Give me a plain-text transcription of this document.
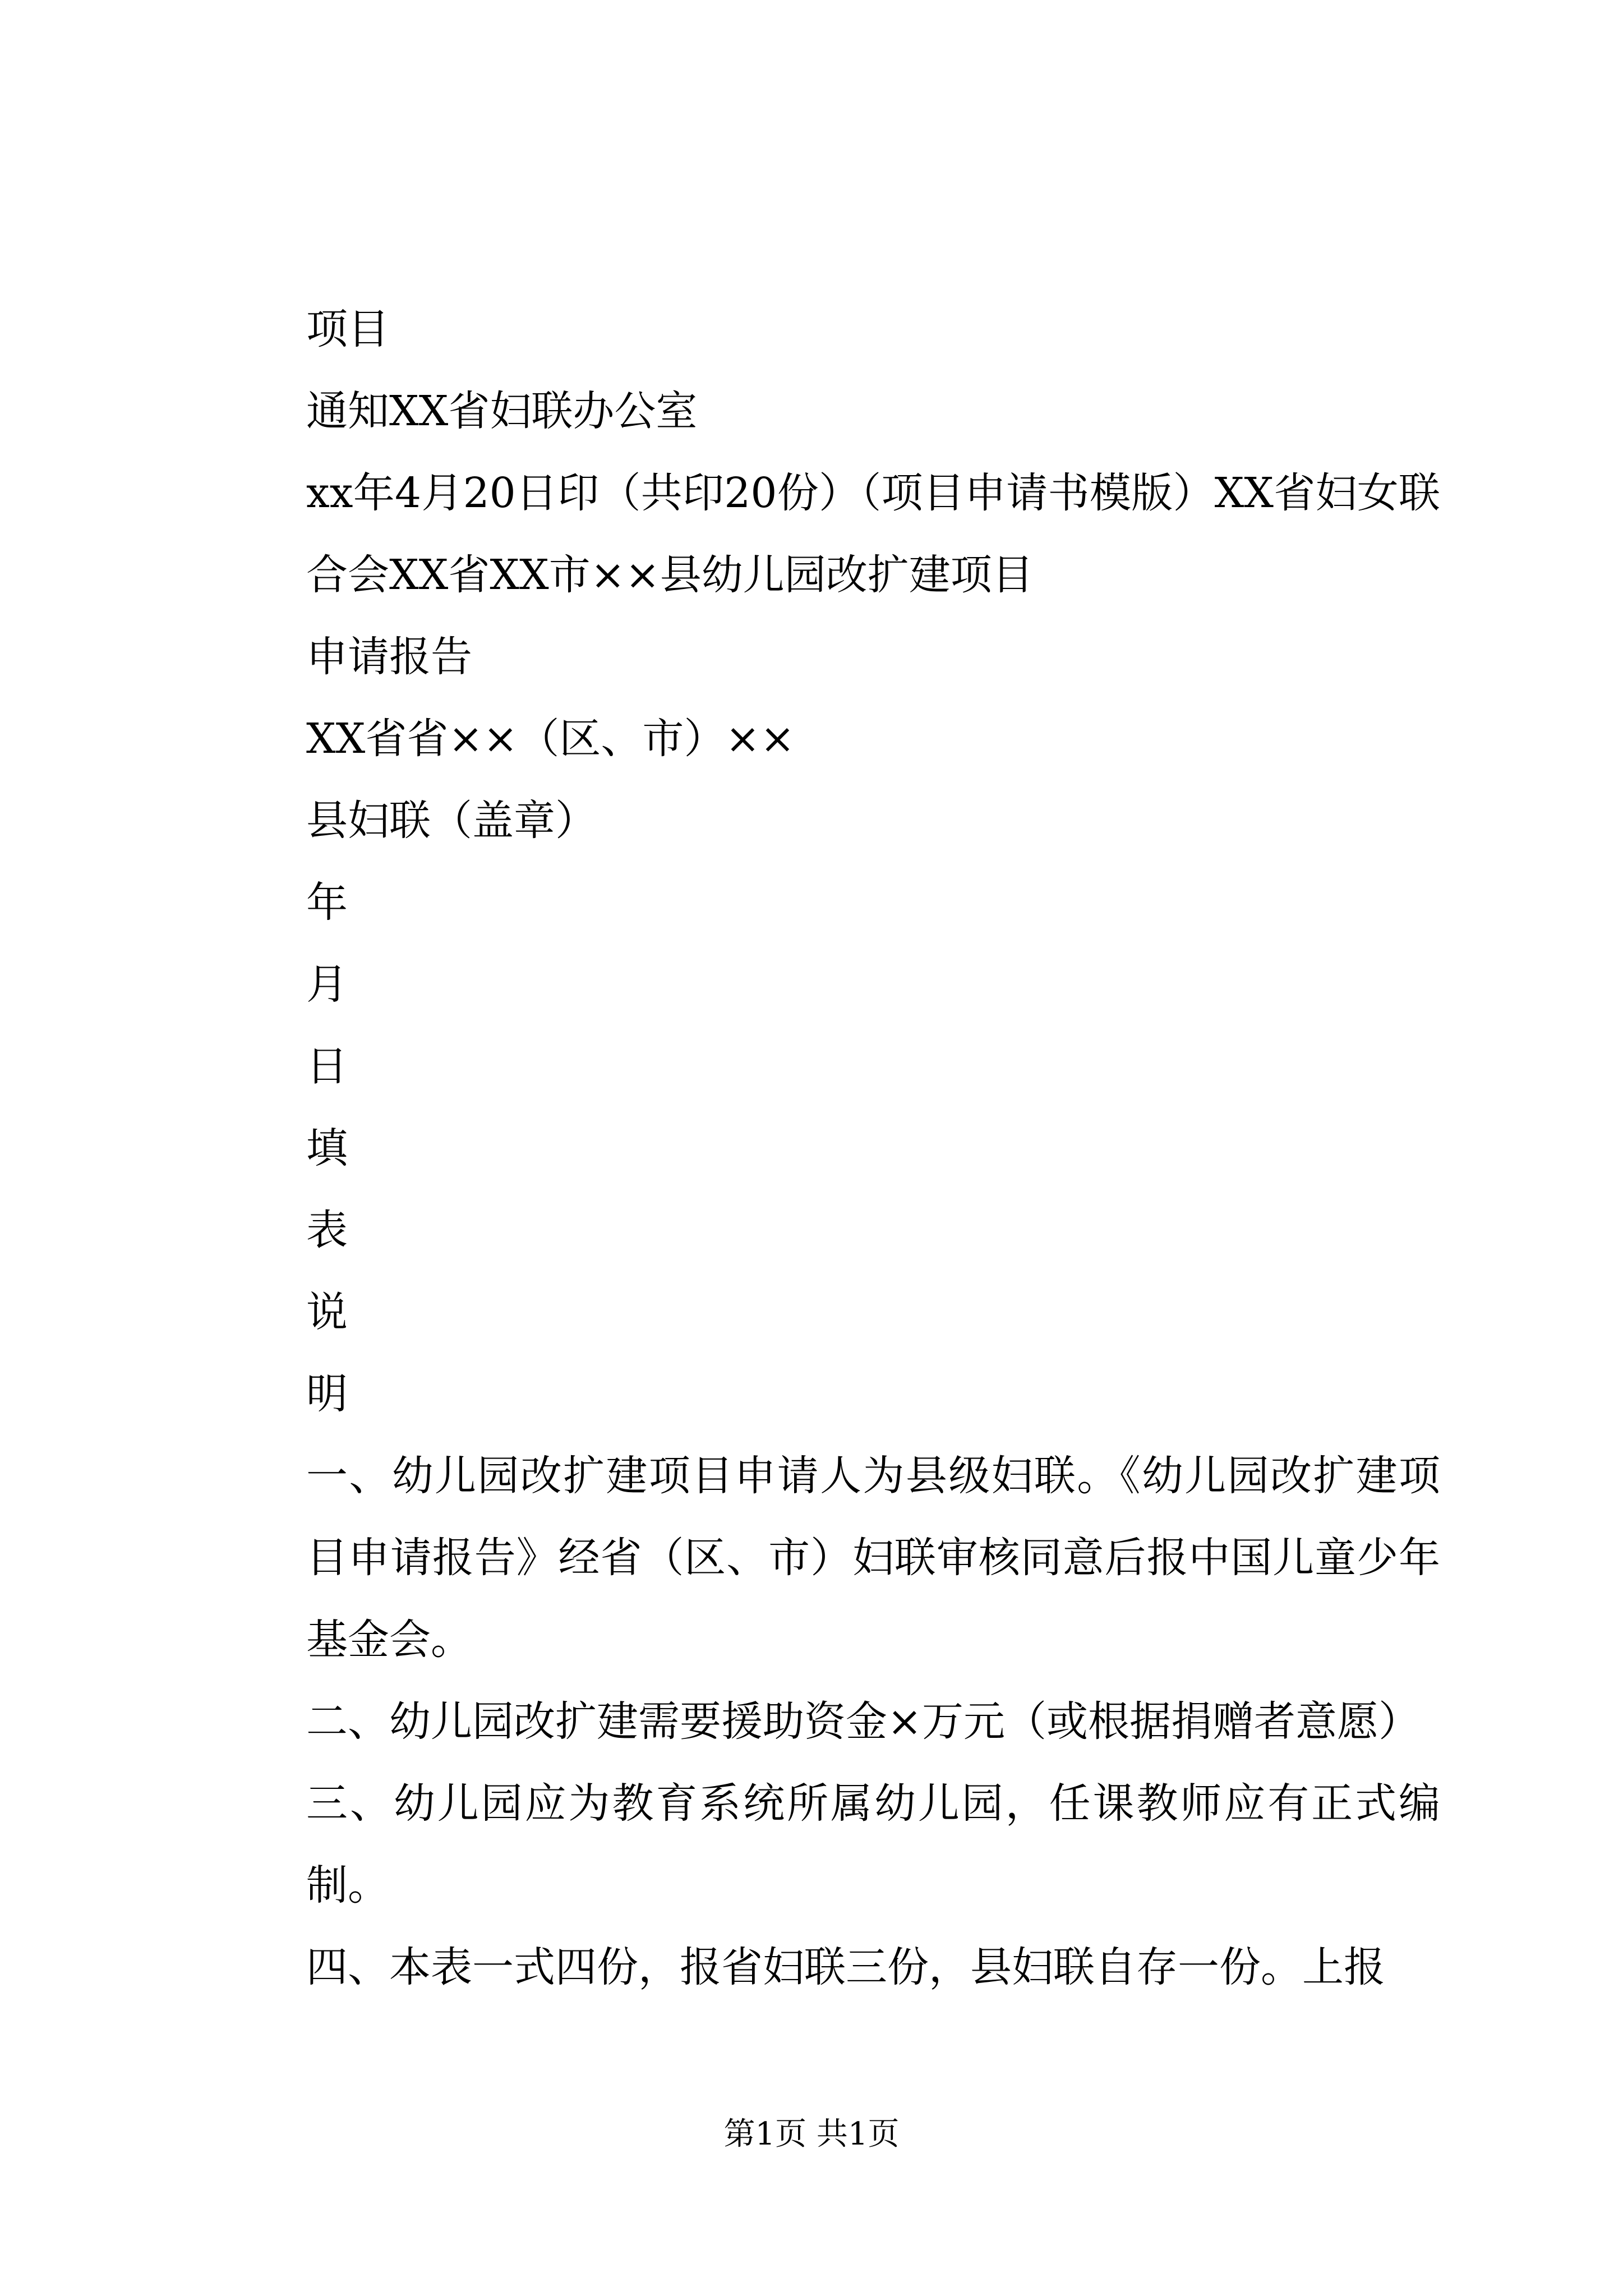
项目

通知XX省妇联办公室

xx年4月20日印（共印20份）（项目申请书模版）XX省妇女联合会XX省XX市××县幼儿园改扩建项目

申请报告

XX省省××（区、市）××

县妇联（盖章）

年

月

日

填

表

说

明

一、幼儿园改扩建项目申请人为县级妇联。《幼儿园改扩建项目申请报告》经省（区、市）妇联审核同意后报中国儿童少年基金会。

二、幼儿园改扩建需要援助资金×万元（或根据捐赠者意愿）

三、幼儿园应为教育系统所属幼儿园，任课教师应有正式编制。

四、本表一式四份，报省妇联三份，县妇联自存一份。上报

第1页 共1页
